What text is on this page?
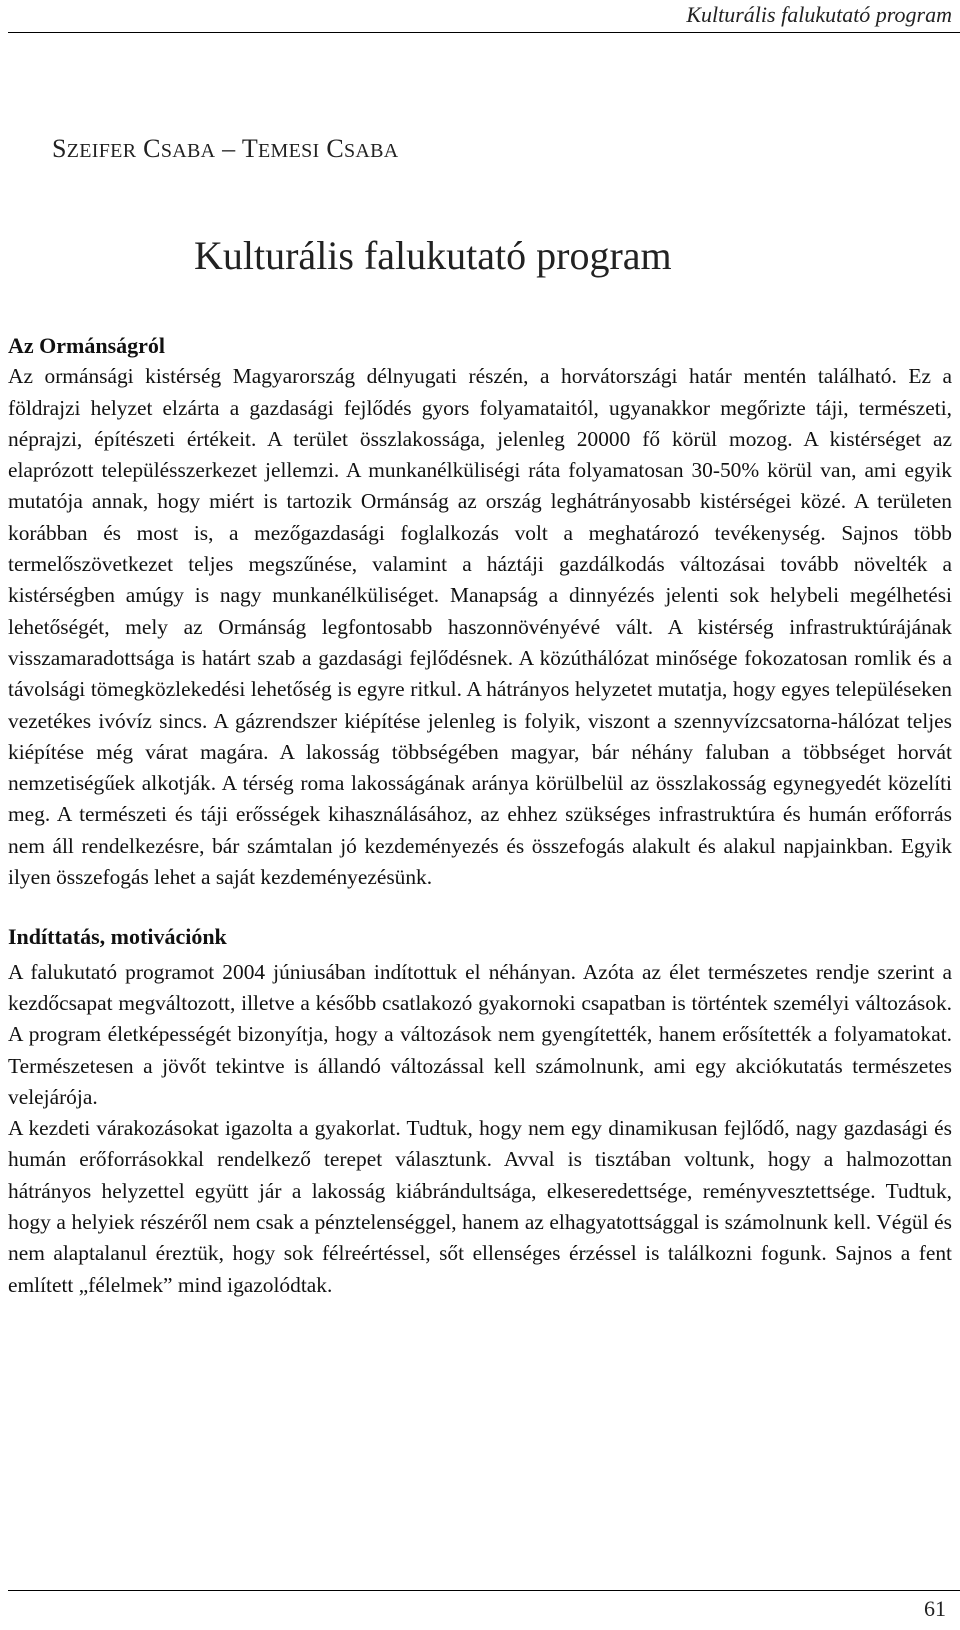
Kulturális falukutató program
SZEIFER CSABA – TEMESI CSABA
Kulturális falukutató program

Az Ormánságról

Az ormánsági kistérség Magyarország délnyugati részén, a horvátországi határ mentén található. Ez a földrajzi helyzet elzárta a gazdasági fejlődés gyors folyamataitól, ugyanakkor megőrizte táji, természeti, néprajzi, építészeti értékeit. A terület összlakossága, jelenleg 20000 fő körül mozog. A kistérséget az elaprózott településszerkezet jellemzi. A munkanélküliségi ráta folyamatosan 30-50% körül van, ami egyik mutatója annak, hogy miért is tartozik Ormánság az ország leghátrányosabb kistérségei közé. A területen korábban és most is, a mezőgazdasági foglalkozás volt a meghatározó tevékenység. Sajnos több termelőszövetkezet teljes megszűnése, valamint a háztáji gazdálkodás változásai tovább növelték a kistérségben amúgy is nagy munkanélküliséget. Manapság a dinnyézés jelenti sok helybeli megélhetési lehetőségét, mely az Ormánság legfontosabb haszonnövényévé vált. A kistérség infrastruktúrájának visszamaradottsága is határt szab a gazdasági fejlődésnek. A közúthálózat minősége fokozatosan romlik és a távolsági tömegközlekedési lehetőség is egyre ritkul. A hátrányos helyzetet mutatja, hogy egyes településeken vezetékes ivóvíz sincs. A gázrendszer kiépítése jelenleg is folyik, viszont a szennyvízcsatorna-hálózat teljes kiépítése még várat magára. A lakosság többségében magyar, bár néhány faluban a többséget horvát nemzetiségűek alkotják. A térség roma lakosságának aránya körülbelül az összlakosság egynegyedét közelíti meg. A természeti és táji erősségek kihasználásához, az ehhez szükséges infrastruktúra és humán erőforrás nem áll rendelkezésre, bár számtalan jó kezdeményezés és összefogás alakult és alakul napjainkban. Egyik ilyen összefogás lehet a saját kezdeményezésünk.

Indíttatás, motivációnk

A falukutató programot 2004 júniusában indítottuk el néhányan. Azóta az élet természetes rendje szerint a kezdőcsapat megváltozott, illetve a később csatlakozó gyakornoki csapatban is történtek személyi változások. A program életképességét bizonyítja, hogy a változások nem gyengítették, hanem erősítették a folyamatokat. Természetesen a jövőt tekintve is állandó változással kell számolnunk, ami egy akciókutatás természetes velejárója.

A kezdeti várakozásokat igazolta a gyakorlat. Tudtuk, hogy nem egy dinamikusan fejlődő, nagy gazdasági és humán erőforrásokkal rendelkező terepet választunk. Avval is tisztában voltunk, hogy a halmozottan hátrányos helyzettel együtt jár a lakosság kiábrándultsága, elkeseredettsége, reményvesztettsége. Tudtuk, hogy a helyiek részéről nem csak a pénztelenséggel, hanem az elhagyatottsággal is számolnunk kell. Végül és nem alaptalanul éreztük, hogy sok félreértéssel, sőt ellenséges érzéssel is találkozni fogunk. Sajnos a fent említett „félelmek” mind igazolódtak.

61
